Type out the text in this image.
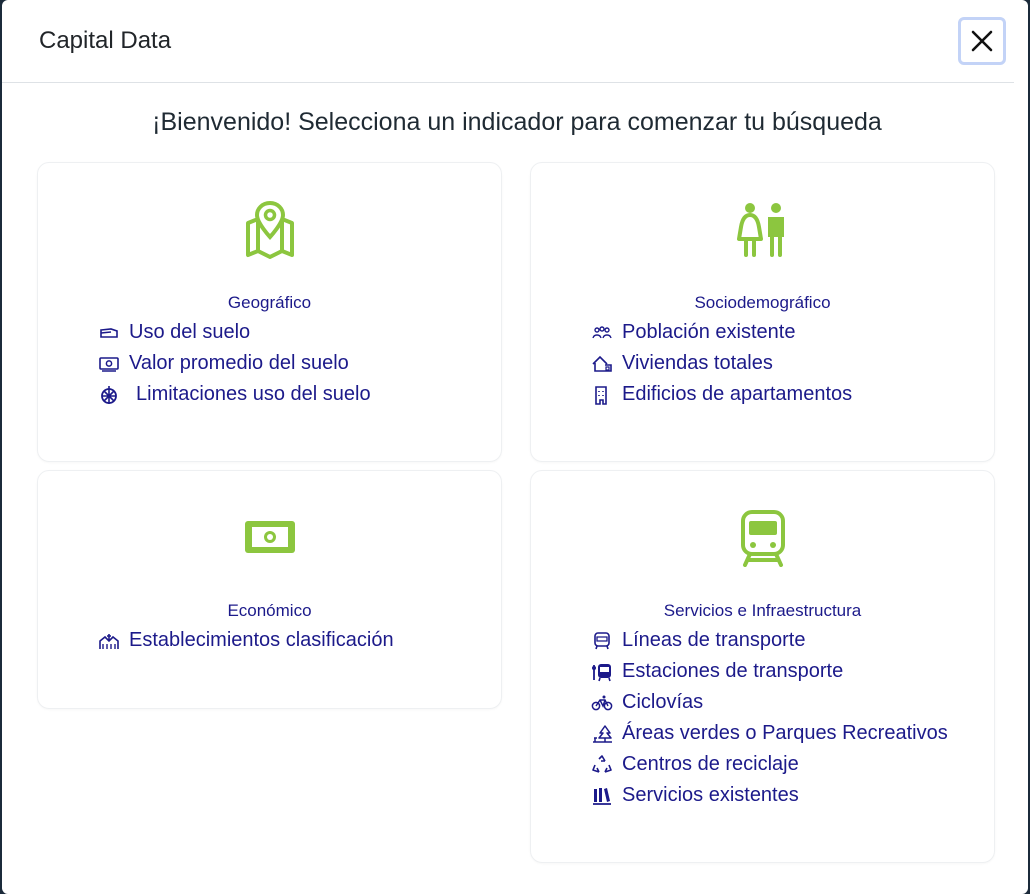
Capital Data
¡Bienvenido! Selecciona un indicador para comenzar tu búsqueda
Geográfico
Uso del suelo
Valor promedio del suelo
Limitaciones uso del suelo
Sociodemográfico
Población existente
Viviendas totales
Edificios de apartamentos
Económico
Establecimientos clasificación
Servicios e Infraestructura
Líneas de transporte
Estaciones de transporte
Ciclovías
Áreas verdes o Parques Recreativos
Centros de reciclaje
Servicios existentes
